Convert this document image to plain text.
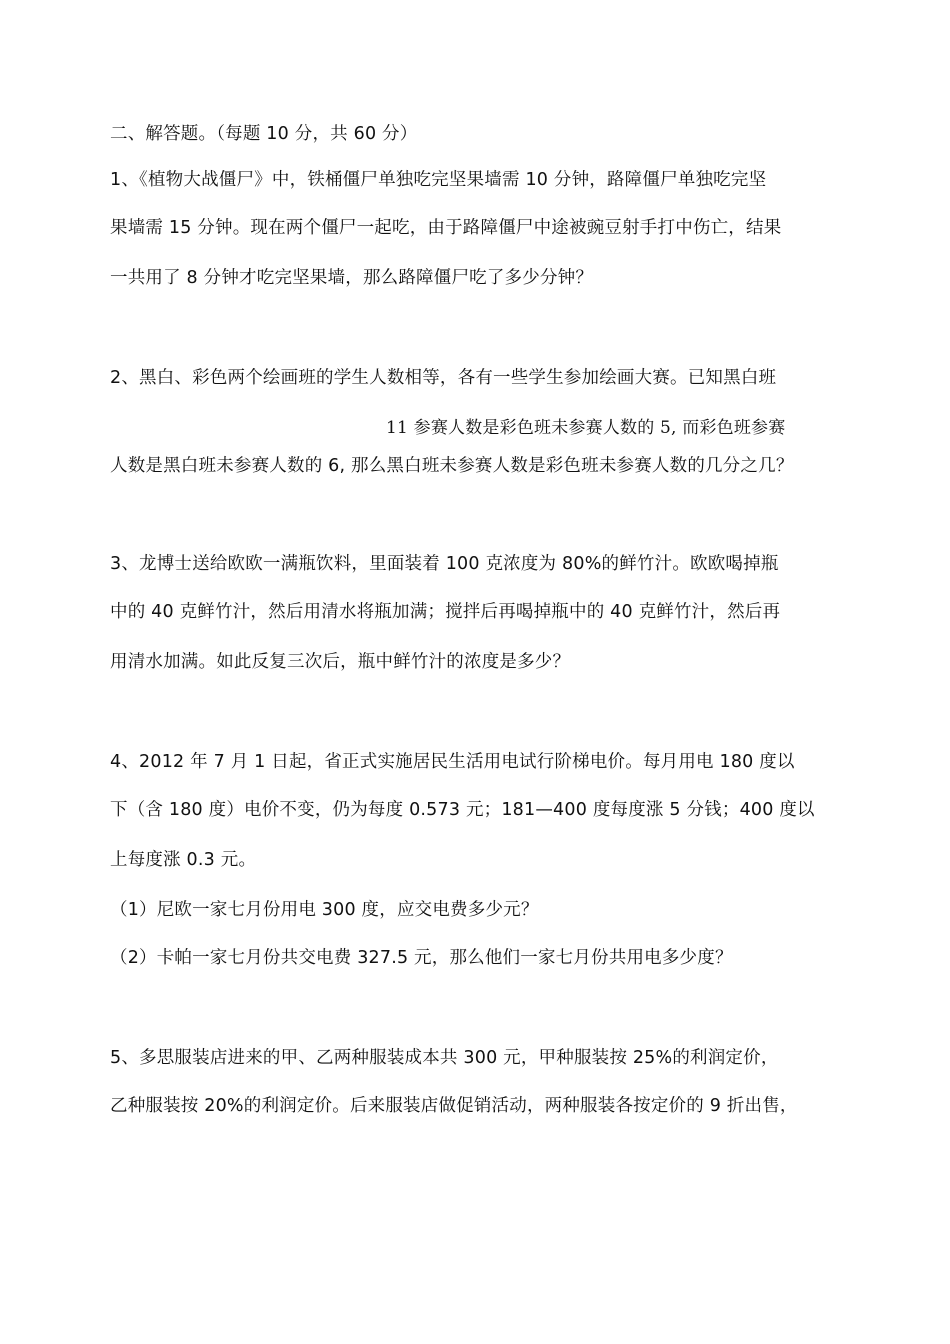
二、解答题。（每题 10 分，共 60 分）
1、《植物大战僵尸》中，铁桶僵尸单独吃完坚果墙需 10 分钟，路障僵尸单独吃完坚
果墙需 15 分钟。现在两个僵尸一起吃，由于路障僵尸中途被豌豆射手打中伤亡，结果
一共用了 8 分钟才吃完坚果墙，那么路障僵尸吃了多少分钟？
2、黑白、彩色两个绘画班的学生人数相等，各有一些学生参加绘画大赛。已知黑白班
11 参赛人数是彩色班未参赛人数的 5, 而彩色班参赛
人数是黑白班未参赛人数的 6, 那么黑白班未参赛人数是彩色班未参赛人数的几分之几？
3、龙博士送给欧欧一满瓶饮料，里面装着 100 克浓度为 80%的鲜竹汁。欧欧喝掉瓶
中的 40 克鲜竹汁，然后用清水将瓶加满；搅拌后再喝掉瓶中的 40 克鲜竹汁，然后再
用清水加满。如此反复三次后，瓶中鲜竹汁的浓度是多少？
4、2012 年 7 月 1 日起，省正式实施居民生活用电试行阶梯电价。每月用电 180 度以
下（含 180 度）电价不变，仍为每度 0.573 元；181—400 度每度涨 5 分钱；400 度以
上每度涨 0.3 元。
（1）尼欧一家七月份用电 300 度，应交电费多少元？
（2）卡帕一家七月份共交电费 327.5 元，那么他们一家七月份共用电多少度？
5、多思服装店进来的甲、乙两种服装成本共 300 元，甲种服装按 25%的利润定价，
乙种服装按 20%的利润定价。后来服装店做促销活动，两种服装各按定价的 9 折出售，
